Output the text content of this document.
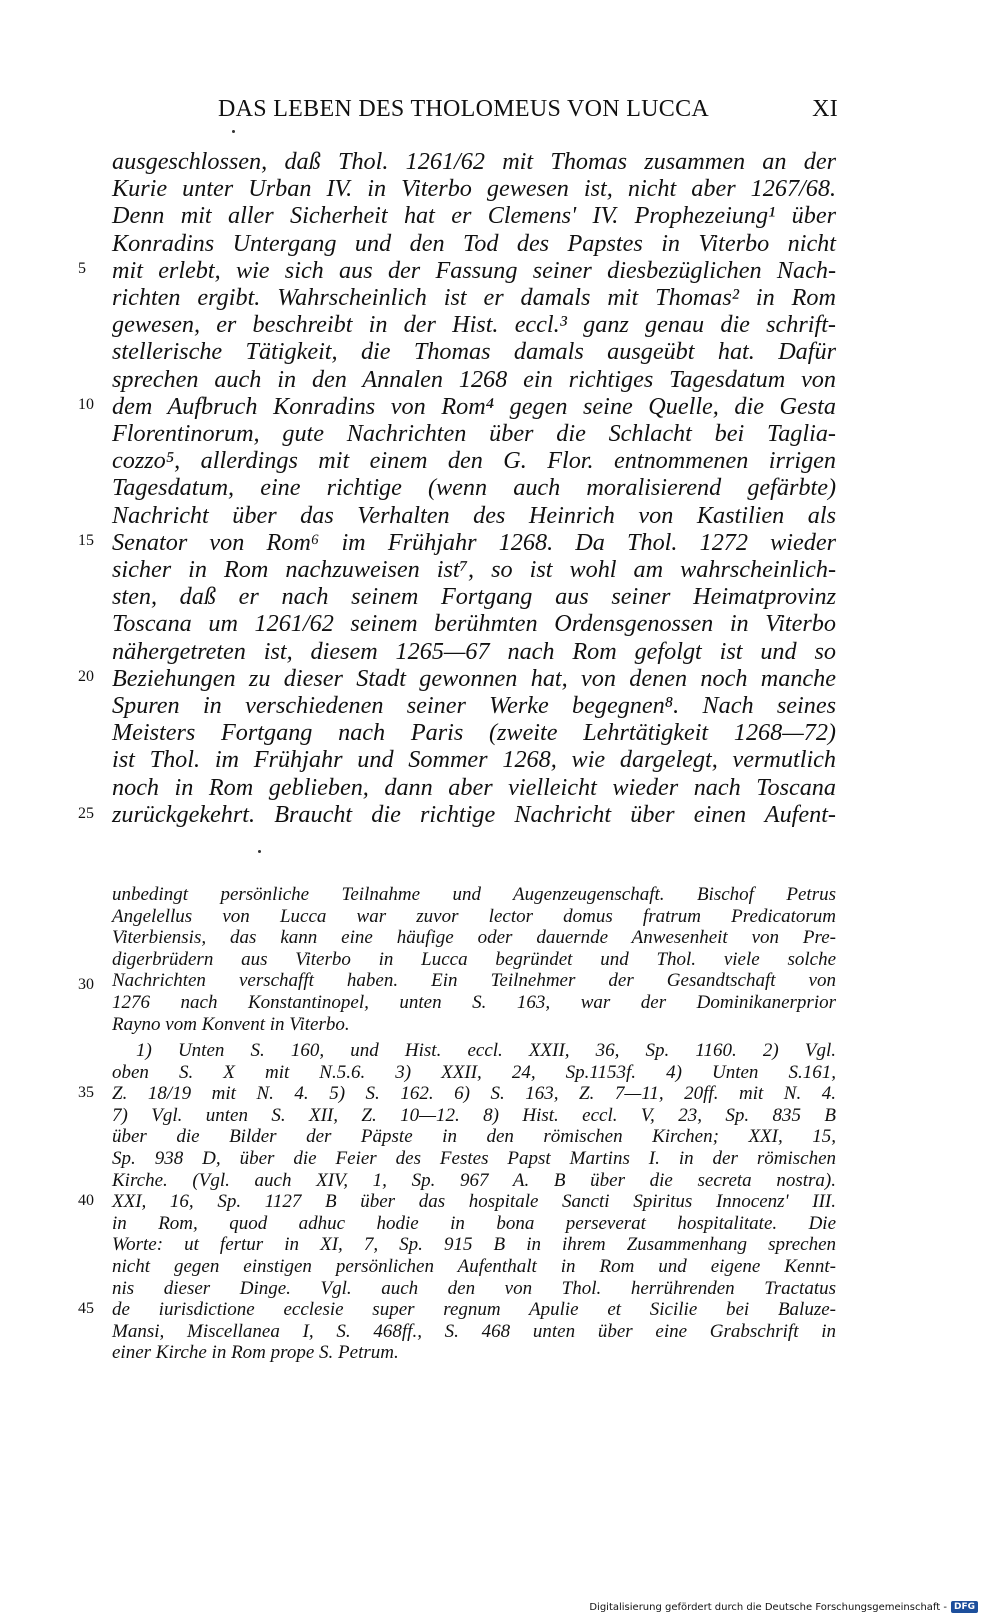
DAS LEBEN DES THOLOMEUS VON LUCCA	XI
ausgeschlossen, daß Thol. 1261/62 mit Thomas zusammen an der
Kurie unter Urban IV. in Viterbo gewesen ist, nicht aber 1267/68.
Denn mit aller Sicherheit hat er Clemens' IV. Prophezeiung¹ über
Konradins Untergang und den Tod des Papstes in Viterbo nicht
mit erlebt, wie sich aus der Fassung seiner diesbezüglichen Nach-
richten ergibt. Wahrscheinlich ist er damals mit Thomas² in Rom
gewesen, er beschreibt in der Hist. eccl.³ ganz genau die schrift-
stellerische Tätigkeit, die Thomas damals ausgeübt hat. Dafür
sprechen auch in den Annalen 1268 ein richtiges Tagesdatum von
dem Aufbruch Konradins von Rom⁴ gegen seine Quelle, die Gesta
Florentinorum, gute Nachrichten über die Schlacht bei Taglia-
cozzo⁵, allerdings mit einem den G. Flor. entnommenen irrigen
Tagesdatum, eine richtige (wenn auch moralisierend gefärbte)
Nachricht über das Verhalten des Heinrich von Kastilien als
Senator von Rom⁶ im Frühjahr 1268. Da Thol. 1272 wieder
sicher in Rom nachzuweisen ist⁷, so ist wohl am wahrscheinlich-
sten, daß er nach seinem Fortgang aus seiner Heimatprovinz
Toscana um 1261/62 seinem berühmten Ordensgenossen in Viterbo
nähergetreten ist, diesem 1265—67 nach Rom gefolgt ist und so
Beziehungen zu dieser Stadt gewonnen hat, von denen noch manche
Spuren in verschiedenen seiner Werke begegnen⁸. Nach seines
Meisters Fortgang nach Paris (zweite Lehrtätigkeit 1268—72)
ist Thol. im Frühjahr und Sommer 1268, wie dargelegt, vermutlich
noch in Rom geblieben, dann aber vielleicht wieder nach Toscana
zurückgekehrt. Braucht die richtige Nachricht über einen Aufent-
5
10
15
20
25
unbedingt persönliche Teilnahme und Augenzeugenschaft. Bischof Petrus
Angelellus von Lucca war zuvor lector domus fratrum Predicatorum
Viterbiensis, das kann eine häufige oder dauernde Anwesenheit von Pre-
digerbrüdern aus Viterbo in Lucca begründet und Thol. viele solche
Nachrichten verschafft haben. Ein Teilnehmer der Gesandtschaft von
1276 nach Konstantinopel, unten S. 163, war der Dominikanerprior
Rayno vom Konvent in Viterbo.
1) Unten S. 160, und Hist. eccl. XXII, 36, Sp. 1160. 2) Vgl.
oben S. X mit N.5.6. 3) XXII, 24, Sp.1153f. 4) Unten S.161,
Z. 18/19 mit N. 4. 5) S. 162. 6) S. 163, Z. 7—11, 20ff. mit N. 4.
7) Vgl. unten S. XII, Z. 10—12. 8) Hist. eccl. V, 23, Sp. 835 B
über die Bilder der Päpste in den römischen Kirchen; XXI, 15,
Sp. 938 D, über die Feier des Festes Papst Martins I. in der römischen
Kirche. (Vgl. auch XIV, 1, Sp. 967 A. B über die secreta nostra).
XXI, 16, Sp. 1127 B über das hospitale Sancti Spiritus Innocenz' III.
in Rom, quod adhuc hodie in bona perseverat hospitalitate. Die
Worte: ut fertur in XI, 7, Sp. 915 B in ihrem Zusammenhang sprechen
nicht gegen einstigen persönlichen Aufenthalt in Rom und eigene Kennt-
nis dieser Dinge. Vgl. auch den von Thol. herrührenden Tractatus
de iurisdictione ecclesie super regnum Apulie et Sicilie bei Baluze-
Mansi, Miscellanea I, S. 468ff., S. 468 unten über eine Grabschrift in
einer Kirche in Rom prope S. Petrum.
30
35
40
45
Digitalisierung gefördert durch die Deutsche Forschungsgemeinschaft - DFG
